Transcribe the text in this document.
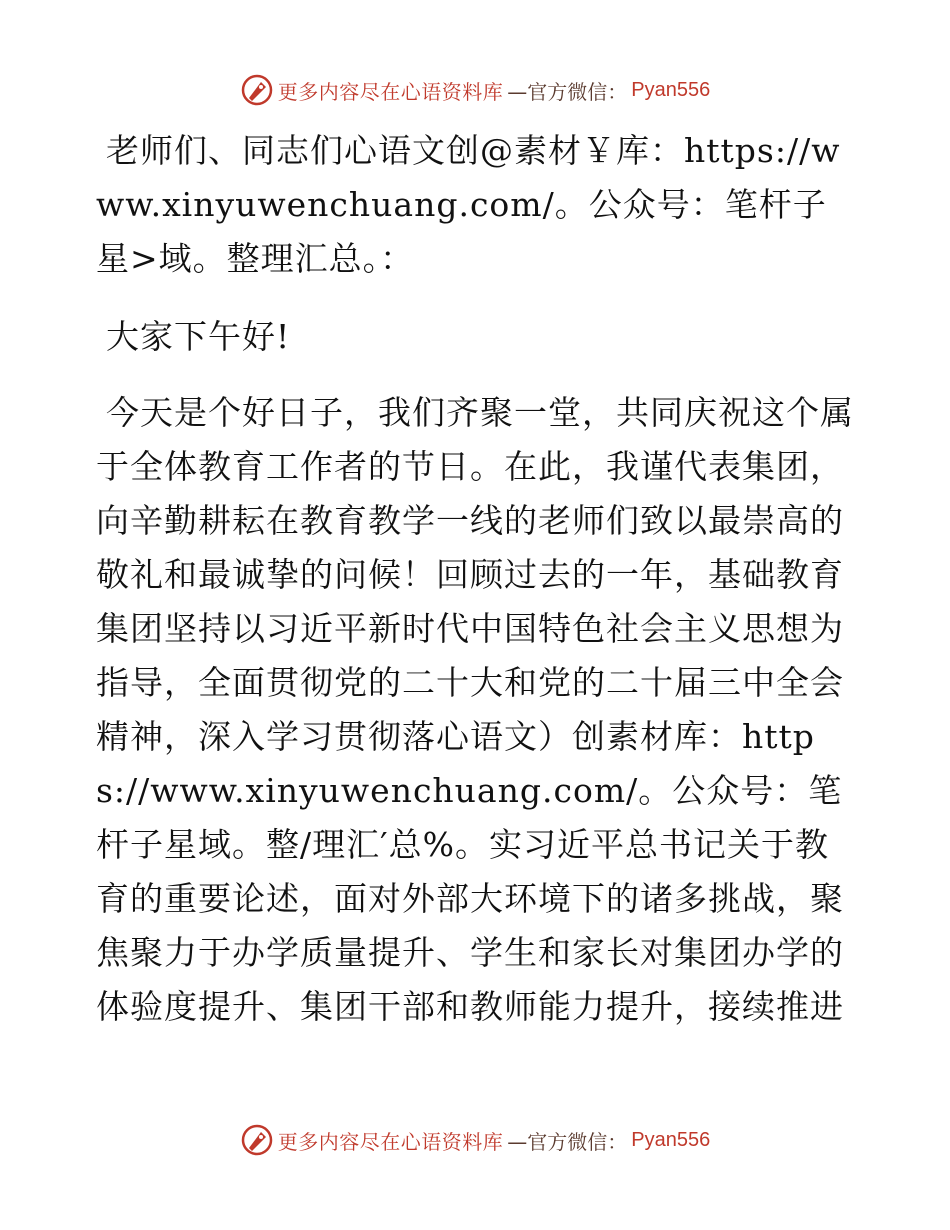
更多内容尽在心语资料库 —官方微信： Pyan556

老师们、同志们心语文创@素材￥库：https://www.xinyuwenchuang.com/。公众号：笔杆子星>域。整理汇总。：

大家下午好!

今天是个好日子，我们齐聚一堂，共同庆祝这个属于全体教育工作者的节日。在此，我谨代表集团，向辛勤耕耘在教育教学一线的老师们致以最崇高的敬礼和最诚挚的问候！回顾过去的一年，基础教育集团坚持以习近平新时代中国特色社会主义思想为指导，全面贯彻党的二十大和党的二十届三中全会精神，深入学习贯彻落心语文）创素材库：https://www.xinyuwenchuang.com/。公众号：笔杆子星域。整/理汇′总%。实习近平总书记关于教育的重要论述，面对外部大环境下的诸多挑战，聚焦聚力于办学质量提升、学生和家长对集团办学的体验度提升、集团干部和教师能力提升，接续推进

更多内容尽在心语资料库 —官方微信： Pyan556
